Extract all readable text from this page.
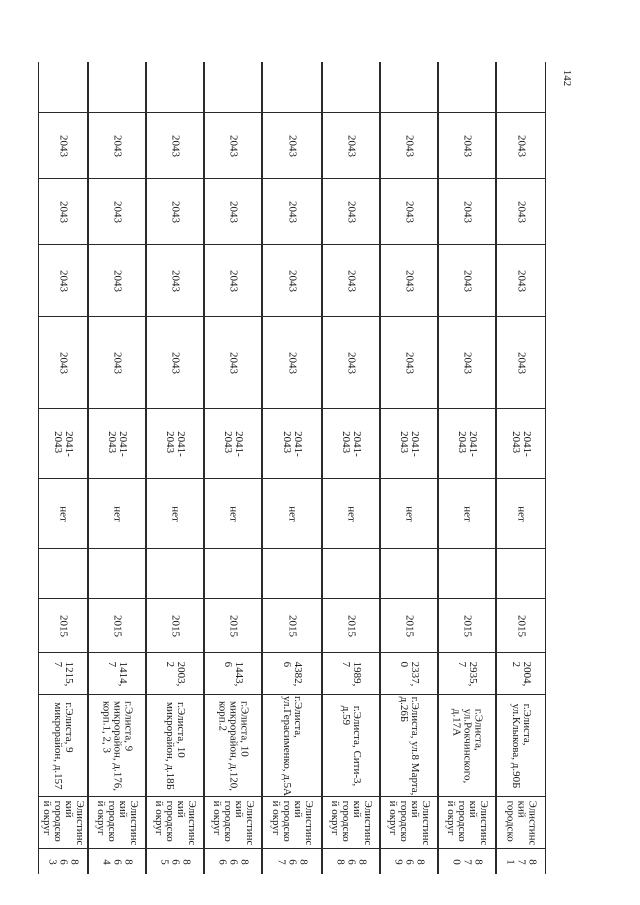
142
2043
2043
2043
2043
2041-
2043
нет
2015
1215,
7
г.Элиста, 9
микрорайон, д.157
Элистинс
кий
городско
й округ
8
6
3
2043
2043
2043
2043
2041-
2043
нет
2015
1414,
7
г.Элиста, 9
микрорайон, д.176,
корп.1, 2, 3
Элистинс
кий
городско
й округ
8
6
4
2043
2043
2043
2043
2041-
2043
нет
2015
2003,
2
г.Элиста, 10
микрорайон, д.18Б
Элистинс
кий
городско
й округ
8
6
5
2043
2043
2043
2043
2041-
2043
нет
2015
1443,
6
г.Элиста, 10
микрорайон, д.120,
корп.2
Элистинс
кий
городско
й округ
8
6
6
2043
2043
2043
2043
2041-
2043
нет
2015
4382,
6
г.Элиста,
ул.Герасименко, д.5А
Элистинс
кий
городско
й округ
8
6
7
2043
2043
2043
2043
2041-
2043
нет
2015
1989,
7
г.Элиста, Сити-3,
д.59
Элистинс
кий
городско
й округ
8
6
8
2043
2043
2043
2043
2041-
2043
нет
2015
2337,
0
г.Элиста, ул.8 Марта,
д.26Б
Элистинс
кий
городско
й округ
8
6
9
2043
2043
2043
2043
2041-
2043
нет
2015
2935,
7
г.Элиста,
ул.Рокчинского,
д.17А
Элистинс
кий
городско
й округ
8
7
0
2043
2043
2043
2043
2041-
2043
нет
2015
2004,
2
г.Элиста,
ул.Клыкова, д.90Б
Элистинс
кий
городско
8
7
1
